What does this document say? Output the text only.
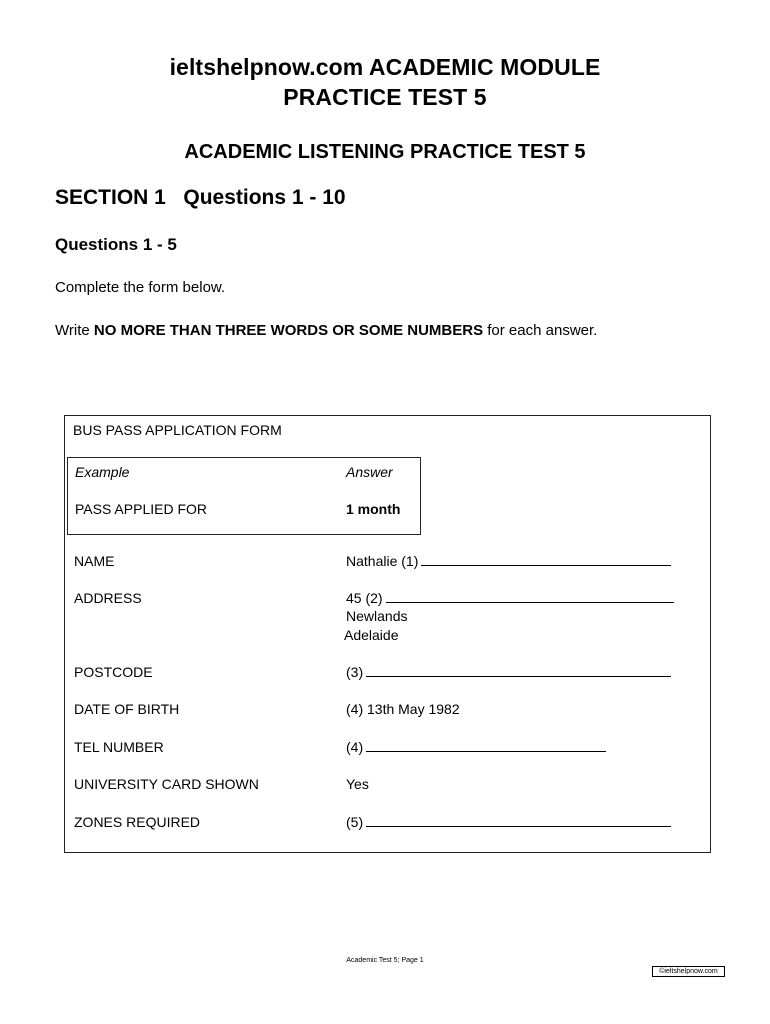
ieltshelpnow.com ACADEMIC MODULE
PRACTICE TEST 5
ACADEMIC LISTENING PRACTICE TEST 5
SECTION 1   Questions 1 - 10
Questions 1 - 5
Complete the form below.
Write NO MORE THAN THREE WORDS OR SOME NUMBERS for each answer.
BUS PASS APPLICATION FORM
Example	Answer
PASS APPLIED FOR	1 month
NAME	Nathalie (1)
ADDRESS	45 (2)
Newlands
Adelaide
POSTCODE	(3)
DATE OF BIRTH	(4) 13th May 1982
TEL NUMBER	(4)
UNIVERSITY CARD SHOWN	Yes
ZONES REQUIRED	(5)
Academic Test 5; Page 1
©ieltshelpnow.com
